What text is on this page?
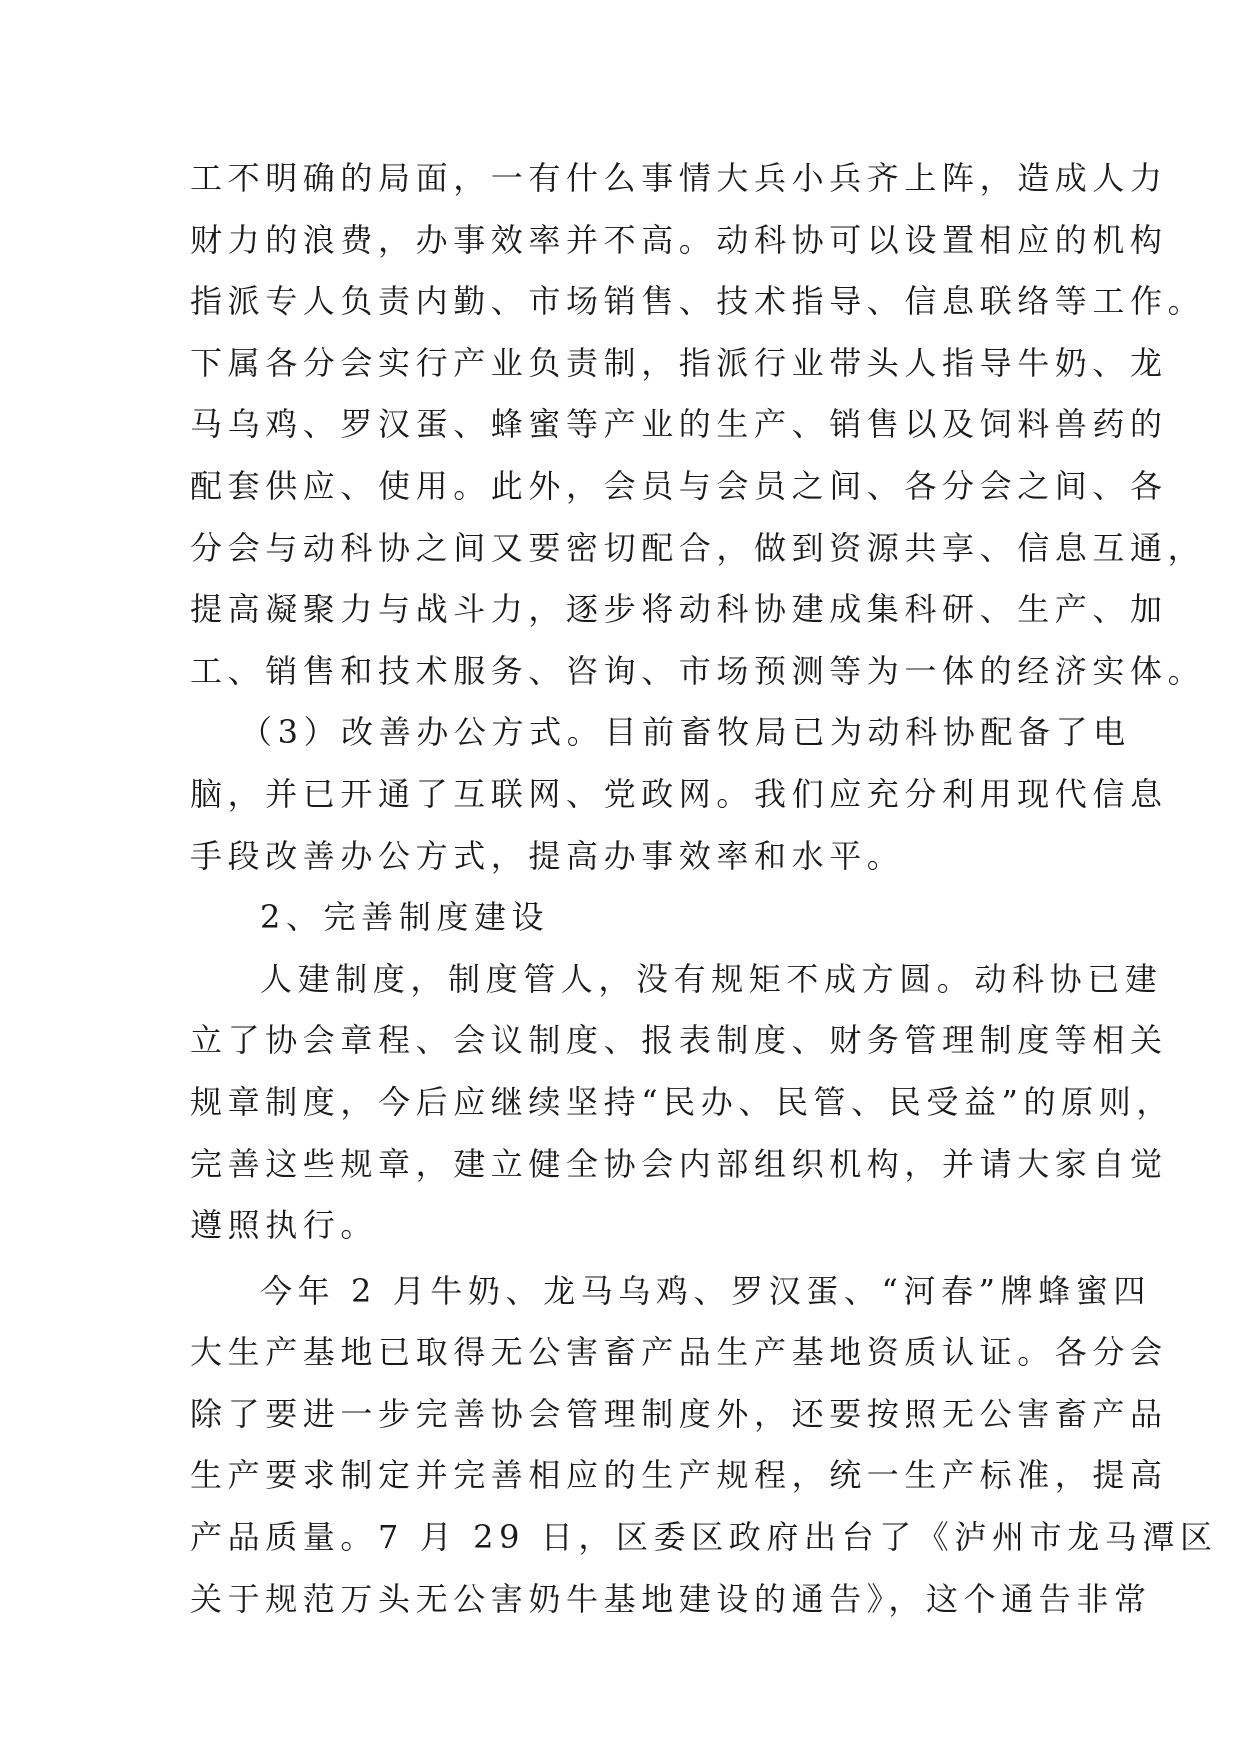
工不明确的局面，一有什么事情大兵小兵齐上阵，造成人力
财力的浪费，办事效率并不高。动科协可以设置相应的机构
指派专人负责内勤、市场销售、技术指导、信息联络等工作。
下属各分会实行产业负责制，指派行业带头人指导牛奶、龙
马乌鸡、罗汉蛋、蜂蜜等产业的生产、销售以及饲料兽药的
配套供应、使用。此外，会员与会员之间、各分会之间、各
分会与动科协之间又要密切配合，做到资源共享、信息互通，
提高凝聚力与战斗力，逐步将动科协建成集科研、生产、加
工、销售和技术服务、咨询、市场预测等为一体的经济实体。
（3）改善办公方式。目前畜牧局已为动科协配备了电
脑，并已开通了互联网、党政网。我们应充分利用现代信息
手段改善办公方式，提高办事效率和水平。
2、完善制度建设
人建制度，制度管人，没有规矩不成方圆。动科协已建
立了协会章程、会议制度、报表制度、财务管理制度等相关
规章制度，今后应继续坚持“民办、民管、民受益”的原则，
完善这些规章，建立健全协会内部组织机构，并请大家自觉
遵照执行。
今年 2 月牛奶、龙马乌鸡、罗汉蛋、“河春”牌蜂蜜四
大生产基地已取得无公害畜产品生产基地资质认证。各分会
除了要进一步完善协会管理制度外，还要按照无公害畜产品
生产要求制定并完善相应的生产规程，统一生产标准，提高
产品质量。7 月 29 日，区委区政府出台了《泸州市龙马潭区
关于规范万头无公害奶牛基地建设的通告》，这个通告非常
